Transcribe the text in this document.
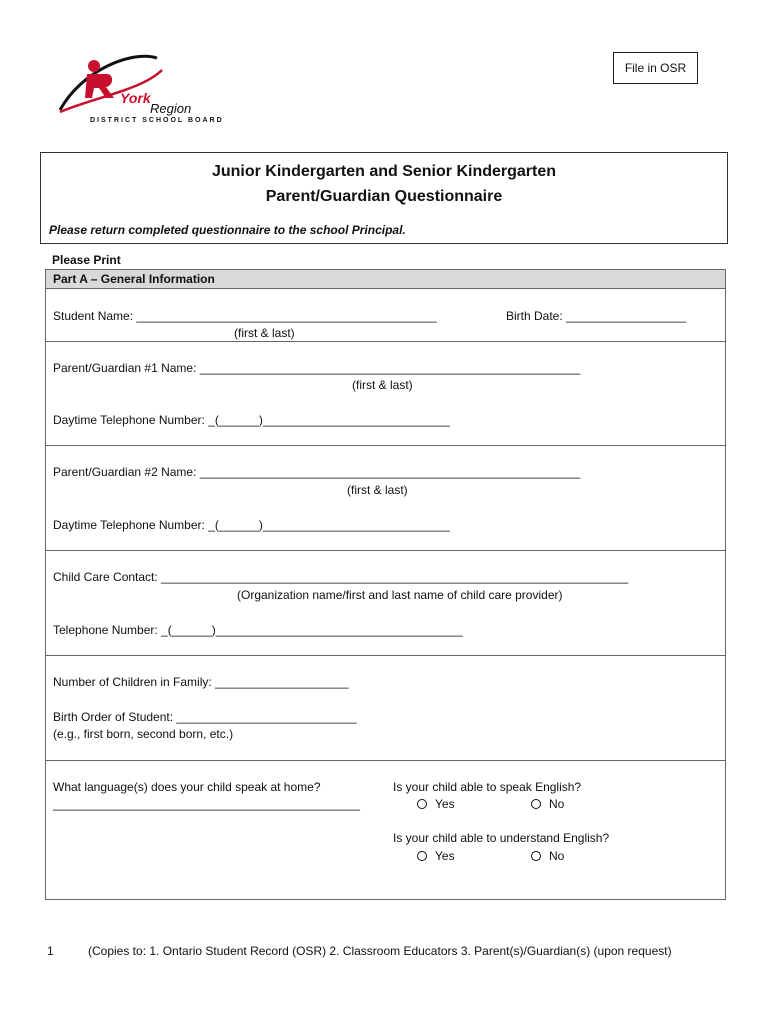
York
Region
DISTRICT SCHOOL BOARD
File in OSR
Junior Kindergarten and Senior Kindergarten
Parent/Guardian Questionnaire
Please return completed questionnaire to the school Principal.
Please Print
Part A – General Information
Student Name: _____________________________________________
(first & last)
Birth Date: __________________
Parent/Guardian #1 Name: _________________________________________________________
(first & last)
Daytime Telephone Number: _(______)____________________________
Parent/Guardian #2 Name: _________________________________________________________
(first & last)
Daytime Telephone Number: _(______)____________________________
Child Care Contact: ______________________________________________________________________
(Organization name/first and last name of child care provider)
Telephone Number: _(______)_____________________________________
Number of Children in Family: ____________________
Birth Order of Student: ___________________________
(e.g., first born, second born, etc.)
What language(s) does your child speak at home?
______________________________________________
Is your child able to speak English?
Yes	No
Is your child able to understand English?
Yes	No
1	(Copies to: 1. Ontario Student Record (OSR) 2. Classroom Educators 3. Parent(s)/Guardian(s) (upon request)
